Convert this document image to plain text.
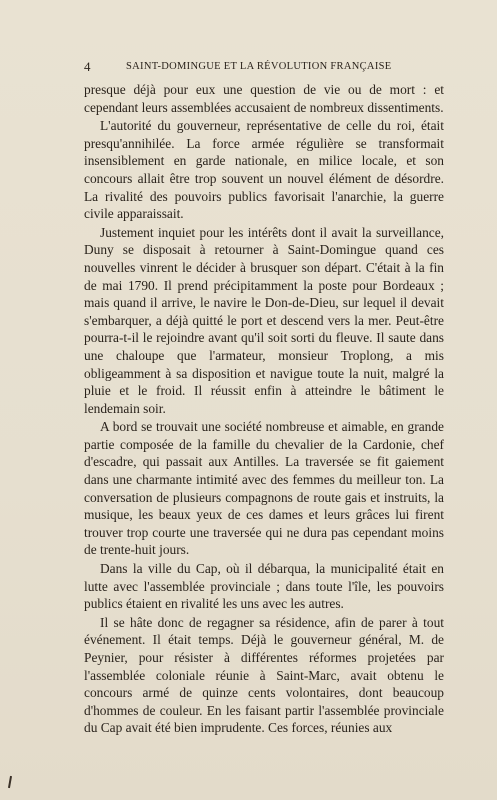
4	SAINT-DOMINGUE ET LA RÉVOLUTION FRANÇAISE

presque déjà pour eux une question de vie ou de mort : et cependant leurs assemblées accusaient de nombreux dissentiments.

L'autorité du gouverneur, représentative de celle du roi, était presqu'annihilée. La force armée régulière se transformait insensiblement en garde nationale, en milice locale, et son concours allait être trop souvent un nouvel élément de désordre. La rivalité des pouvoirs publics favorisait l'anarchie, la guerre civile apparaissait.

Justement inquiet pour les intérêts dont il avait la surveillance, Duny se disposait à retourner à Saint-Domingue quand ces nouvelles vinrent le décider à brusquer son départ. C'était à la fin de mai 1790. Il prend précipitamment la poste pour Bordeaux ; mais quand il arrive, le navire le Don-de-Dieu, sur lequel il devait s'embarquer, a déjà quitté le port et descend vers la mer. Peut-être pourra-t-il le rejoindre avant qu'il soit sorti du fleuve. Il saute dans une chaloupe que l'armateur, monsieur Troplong, a mis obligeamment à sa disposition et navigue toute la nuit, malgré la pluie et le froid. Il réussit enfin à atteindre le bâtiment le lendemain soir.

A bord se trouvait une société nombreuse et aimable, en grande partie composée de la famille du chevalier de la Cardonie, chef d'escadre, qui passait aux Antilles. La traversée se fit gaiement dans une charmante intimité avec des femmes du meilleur ton. La conversation de plusieurs compagnons de route gais et instruits, la musique, les beaux yeux de ces dames et leurs grâces lui firent trouver trop courte une traversée qui ne dura pas cependant moins de trente-huit jours.

Dans la ville du Cap, où il débarqua, la municipalité était en lutte avec l'assemblée provinciale ; dans toute l'île, les pouvoirs publics étaient en rivalité les uns avec les autres.

Il se hâte donc de regagner sa résidence, afin de parer à tout événement. Il était temps. Déjà le gouverneur général, M. de Peynier, pour résister à différentes réformes projetées par l'assemblée coloniale réunie à Saint-Marc, avait obtenu le concours armé de quinze cents volontaires, dont beaucoup d'hommes de couleur. En les faisant partir l'assemblée provinciale du Cap avait été bien imprudente. Ces forces, réunies aux
